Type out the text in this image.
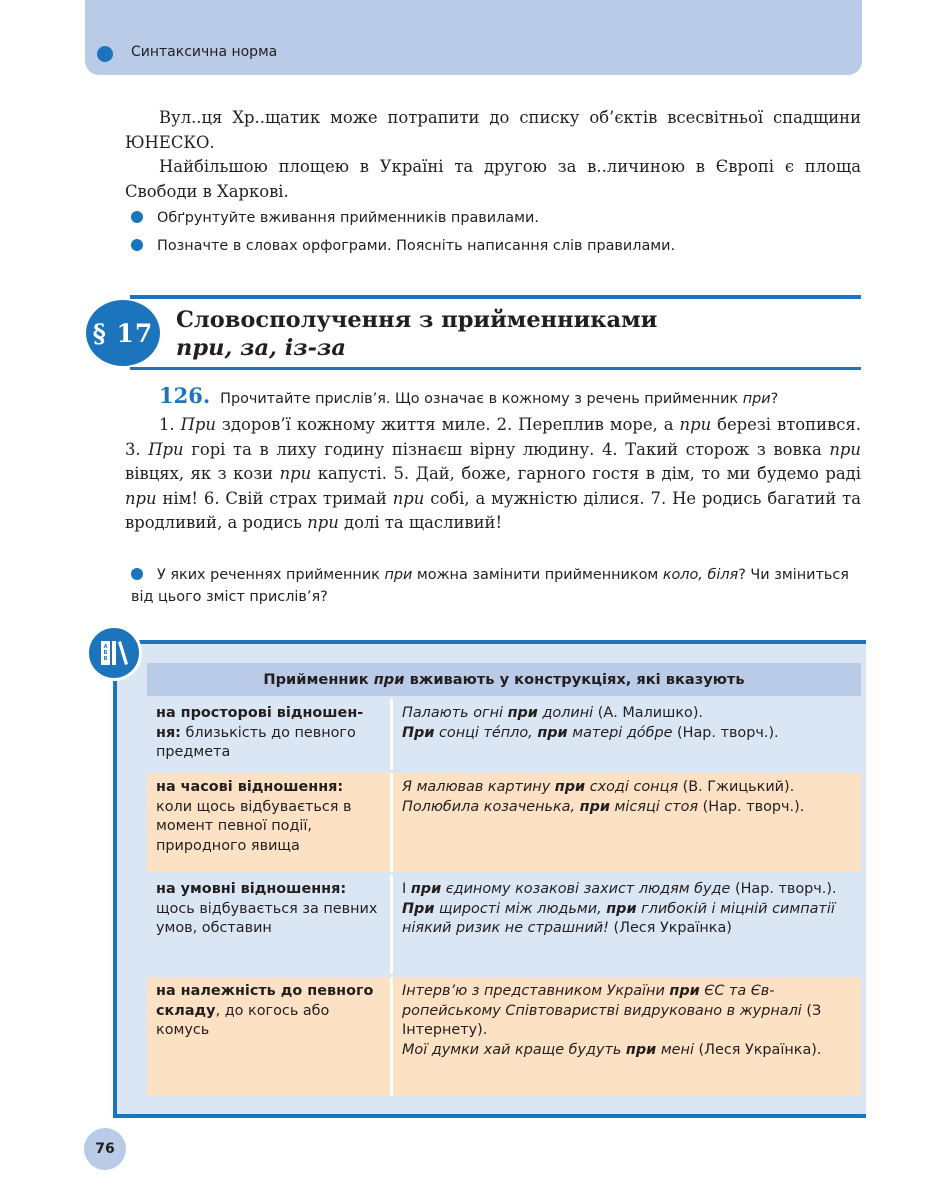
Синтаксична норма

Вул..ця Хр..щатик може потрапити до списку об’єктів всесвітньої спадщини ЮНЕСКО.

Найбільшою площею в Україні та другою за в..личиною в Європі є площа Свободи в Харкові.

Обґрунтуйте вживання прийменників правилами.
Позначте в словах орфограми. Поясніть написання слів правилами.
§ 17 Словосполучення з прийменниками
при, за, із-за

126. Прочитайте прислів’я. Що означає в кожному з речень прийменник при?

1. При здоров’ї кожному життя миле. 2. Переплив море, а при березі втопився. 3. При горі та в лиху годину пізнаєш вірну людину. 4. Такий сторож з вовка при вівцях, як з кози при капусті. 5. Дай, боже, гарного гостя в дім, то ми будемо раді при нім! 6. Свій страх тримай при собі, а мужністю ділися. 7. Не родись багатий та вродливий, а родись при долі та щасливий!

У яких реченнях прийменник при можна замінити прийменником коло, біля? Чи зміниться від цього зміст прислів’я?
А
Б
В
Прийменник при вживають у конструкціях, які вказують	
на просторові відношення: близькість до певного предмета	Палають огні при долині (А. Малишко).
При сонці те́пло, при матері до́бре (Нар. творч.).
на часові відношення: коли щось відбувається в момент певної події, природного явища	Я малював картину при сході сонця (В. Гжицький).
Полюбила козаченька, при місяці стоя (Нар. творч.).
на умовні відношення: щось відбувається за певних умов, обставин	І при єдиному козакові захист людям буде (Нар. творч.).
При щирості між людьми, при глибокій і міцній симпатії ніякий ризик не страшний! (Леся Українка)
на належність до певного складу, до когось або комусь	Інтерв’ю з представником України при ЄС та Європейському Співтоваристві видруковано в журналі (З Інтернету).
Мої думки хай краще будуть при мені (Леся Українка).
76
